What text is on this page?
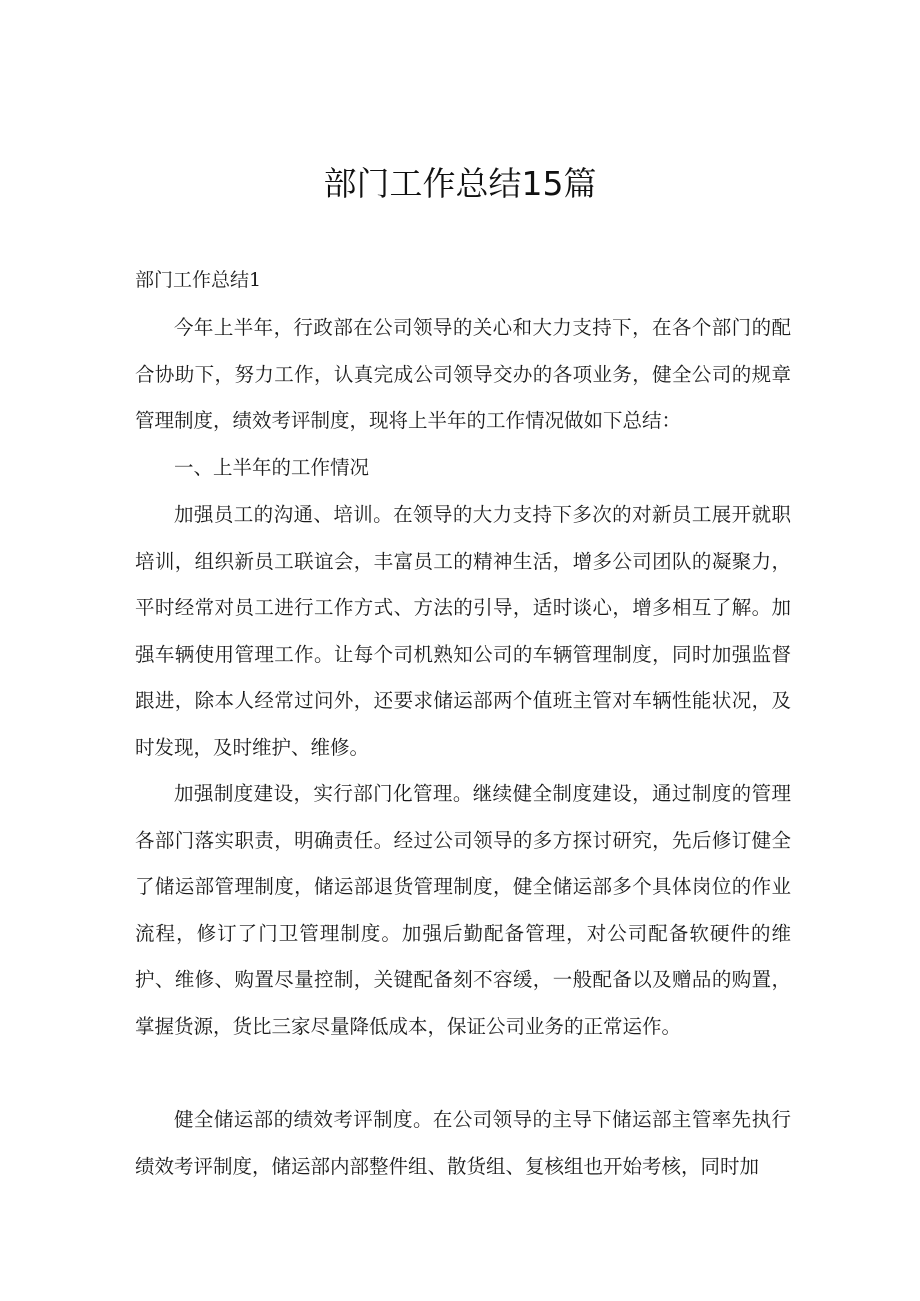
部门工作总结15篇

部门工作总结1

今年上半年，行政部在公司领导的关心和大力支持下，在各个部门的配合协助下，努力工作，认真完成公司领导交办的各项业务，健全公司的规章管理制度，绩效考评制度，现将上半年的工作情况做如下总结：

一、上半年的工作情况

加强员工的沟通、培训。在领导的大力支持下多次的对新员工展开就职培训，组织新员工联谊会，丰富员工的精神生活，增多公司团队的凝聚力，平时经常对员工进行工作方式、方法的引导，适时谈心，增多相互了解。加强车辆使用管理工作。让每个司机熟知公司的车辆管理制度，同时加强监督跟进，除本人经常过问外，还要求储运部两个值班主管对车辆性能状况，及时发现，及时维护、维修。

加强制度建设，实行部门化管理。继续健全制度建设，通过制度的管理各部门落实职责，明确责任。经过公司领导的多方探讨研究，先后修订健全了储运部管理制度，储运部退货管理制度，健全储运部多个具体岗位的作业流程，修订了门卫管理制度。加强后勤配备管理，对公司配备软硬件的维护、维修、购置尽量控制，关键配备刻不容缓，一般配备以及赠品的购置，掌握货源，货比三家尽量降低成本，保证公司业务的正常运作。

健全储运部的绩效考评制度。在公司领导的主导下储运部主管率先执行绩效考评制度，储运部内部整件组、散货组、复核组也开始考核，同时加
